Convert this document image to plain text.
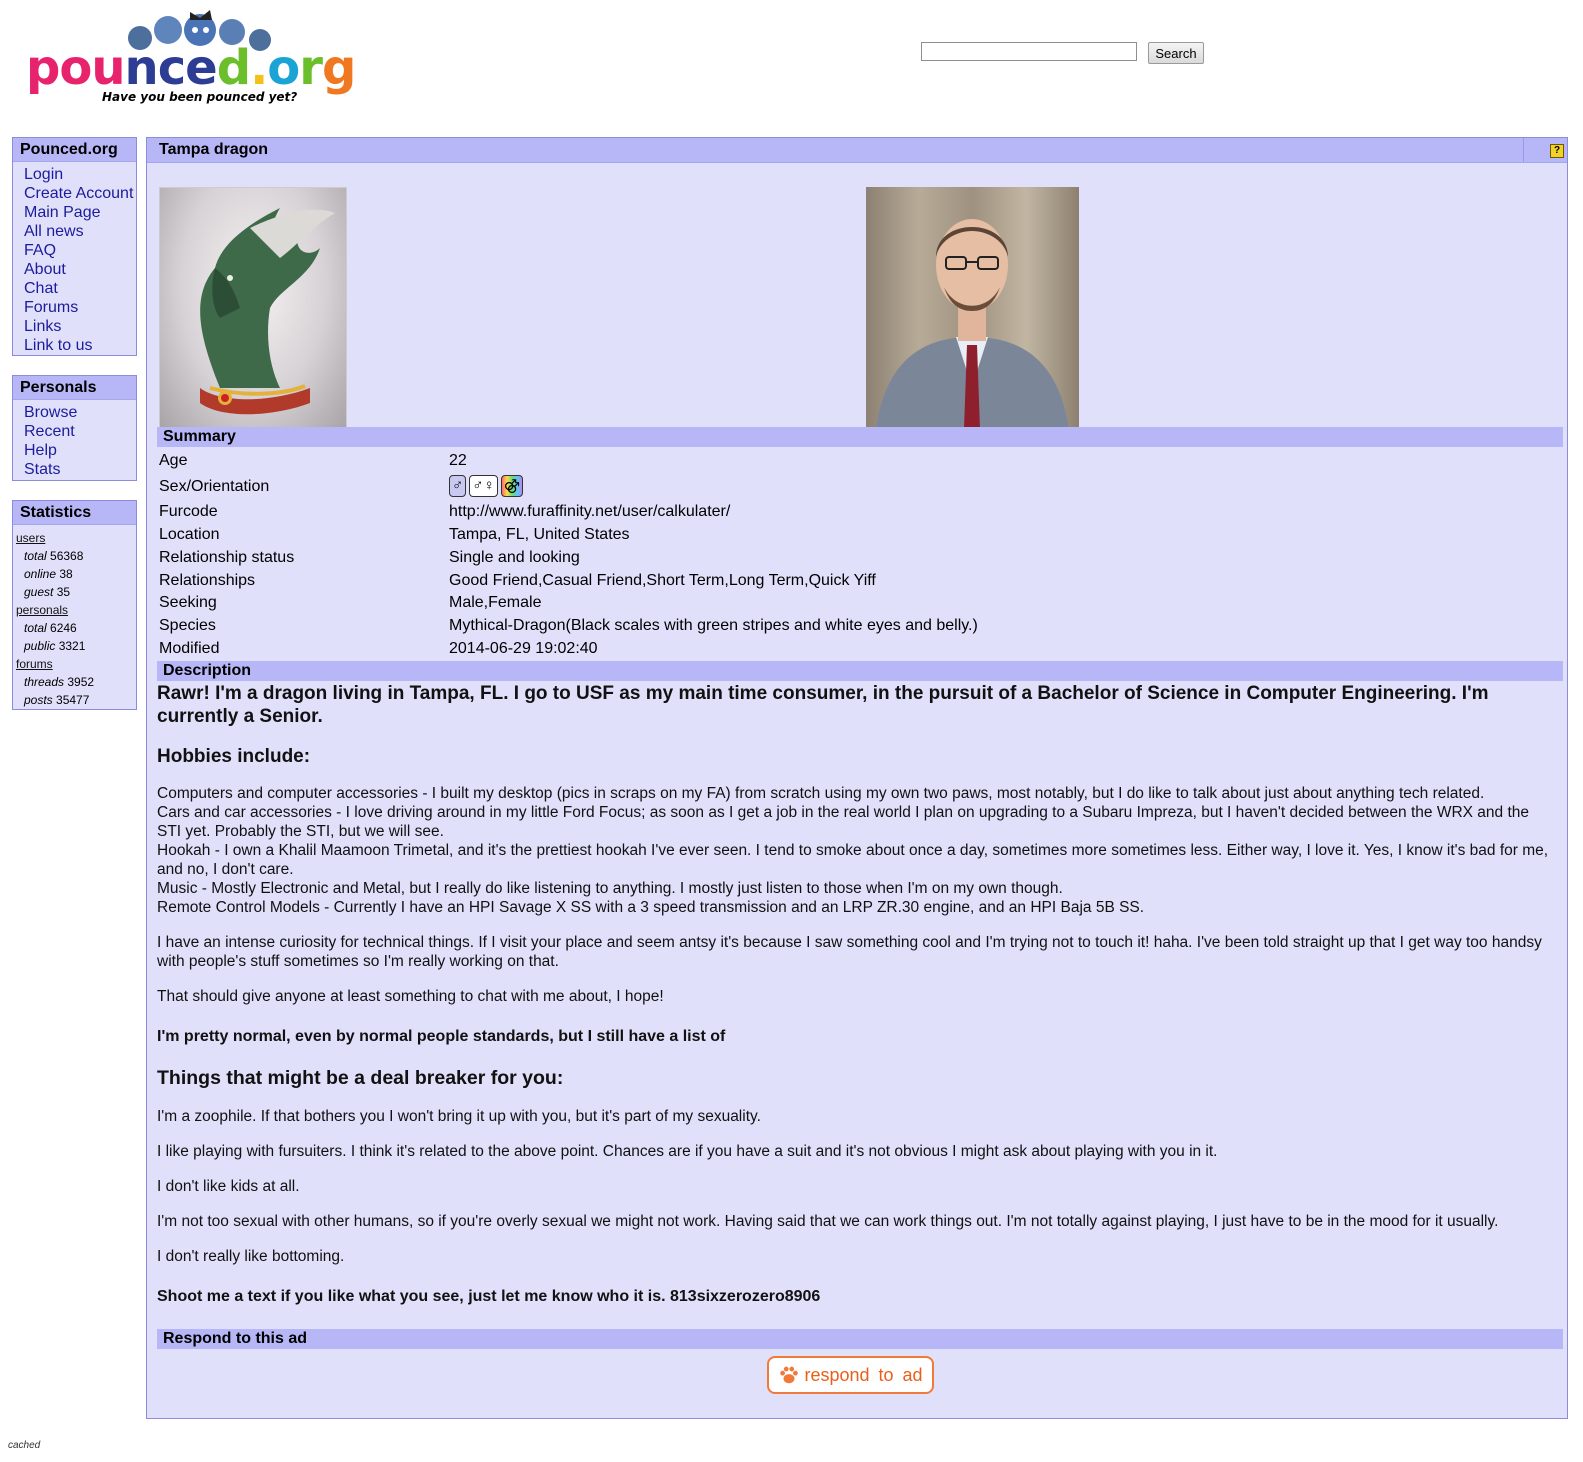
pounced.org
Have you been pounced yet?
Search
Pounced.org
Login
Create Account
Main Page
All news
FAQ
About
Chat
Forums
Links
Link to us
Personals
Browse
Recent
Help
Stats
Statistics
users
total 56368
online 38
guest 35
personals
total 6246
public 3321
forums
threads 3952
posts 35477
Tampa dragon	?
Summary
Age	22
Sex/Orientation	♂ ♂♀ ⚣
Furcode	http://www.furaffinity.net/user/calkulater/
Location	Tampa, FL, United States
Relationship status	Single and looking
Relationships	Good Friend,Casual Friend,Short Term,Long Term,Quick Yiff
Seeking	Male,Female
Species	Mythical-Dragon(Black scales with green stripes and white eyes and belly.)
Modified	2014-06-29 19:02:40
Description

Rawr! I'm a dragon living in Tampa, FL. I go to USF as my main time consumer, in the pursuit of a Bachelor of Science in Computer Engineering. I'm currently a Senior.

Hobbies include:

Computers and computer accessories - I built my desktop (pics in scraps on my FA) from scratch using my own two paws, most notably, but I do like to talk about just about anything tech related.

Cars and car accessories - I love driving around in my little Ford Focus; as soon as I get a job in the real world I plan on upgrading to a Subaru Impreza, but I haven't decided between the WRX and the STI yet. Probably the STI, but we will see.

Hookah - I own a Khalil Maamoon Trimetal, and it's the prettiest hookah I've ever seen. I tend to smoke about once a day, sometimes more sometimes less. Either way, I love it. Yes, I know it's bad for me, and no, I don't care.

Music - Mostly Electronic and Metal, but I really do like listening to anything. I mostly just listen to those when I'm on my own though.

Remote Control Models - Currently I have an HPI Savage X SS with a 3 speed transmission and an LRP ZR.30 engine, and an HPI Baja 5B SS.

I have an intense curiosity for technical things. If I visit your place and seem antsy it's because I saw something cool and I'm trying not to touch it! haha. I've been told straight up that I get way too handsy with people's stuff sometimes so I'm really working on that.

That should give anyone at least something to chat with me about, I hope!

I'm pretty normal, even by normal people standards, but I still have a list of

Things that might be a deal breaker for you:

I'm a zoophile. If that bothers you I won't bring it up with you, but it's part of my sexuality.

I like playing with fursuiters. I think it's related to the above point. Chances are if you have a suit and it's not obvious I might ask about playing with you in it.

I don't like kids at all.

I'm not too sexual with other humans, so if you're overly sexual we might not work. Having said that we can work things out. I'm not totally against playing, I just have to be in the mood for it usually.

I don't really like bottoming.

Shoot me a text if you like what you see, just let me know who it is. 813sixzerozero8906

Respond to this ad
respond to ad
cached
